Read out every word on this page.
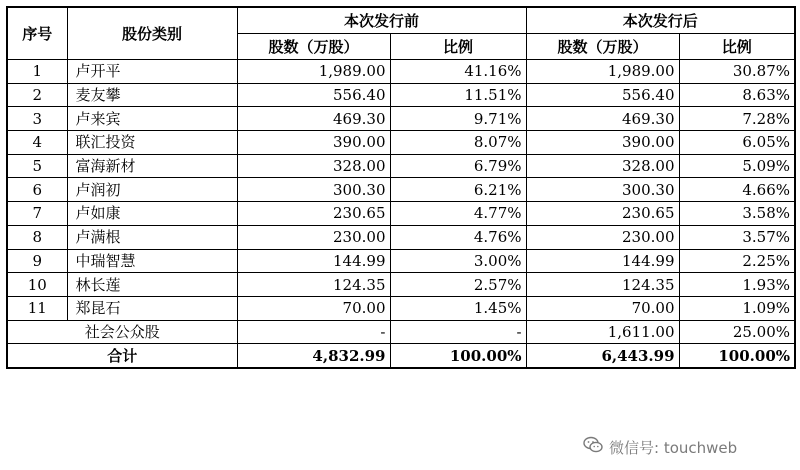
序号	股份类别	本次发行前		本次发行后	
		股数（万股）	比例	股数（万股）	比例
1	卢开平	1,989.00	41.16%	1,989.00	30.87%
2	麦友攀	556.40	11.51%	556.40	8.63%
3	卢来宾	469.30	9.71%	469.30	7.28%
4	联汇投资	390.00	8.07%	390.00	6.05%
5	富海新材	328.00	6.79%	328.00	5.09%
6	卢润初	300.30	6.21%	300.30	4.66%
7	卢如康	230.65	4.77%	230.65	3.58%
8	卢满根	230.00	4.76%	230.00	3.57%
9	中瑞智慧	144.99	3.00%	144.99	2.25%
10	林长莲	124.35	2.57%	124.35	1.93%
11	郑昆石	70.00	1.45%	70.00	1.09%
社会公众股		-	-	1,611.00	25.00%
合计		4,832.99	100.00%	6,443.99	100.00%
微信号: touchweb
